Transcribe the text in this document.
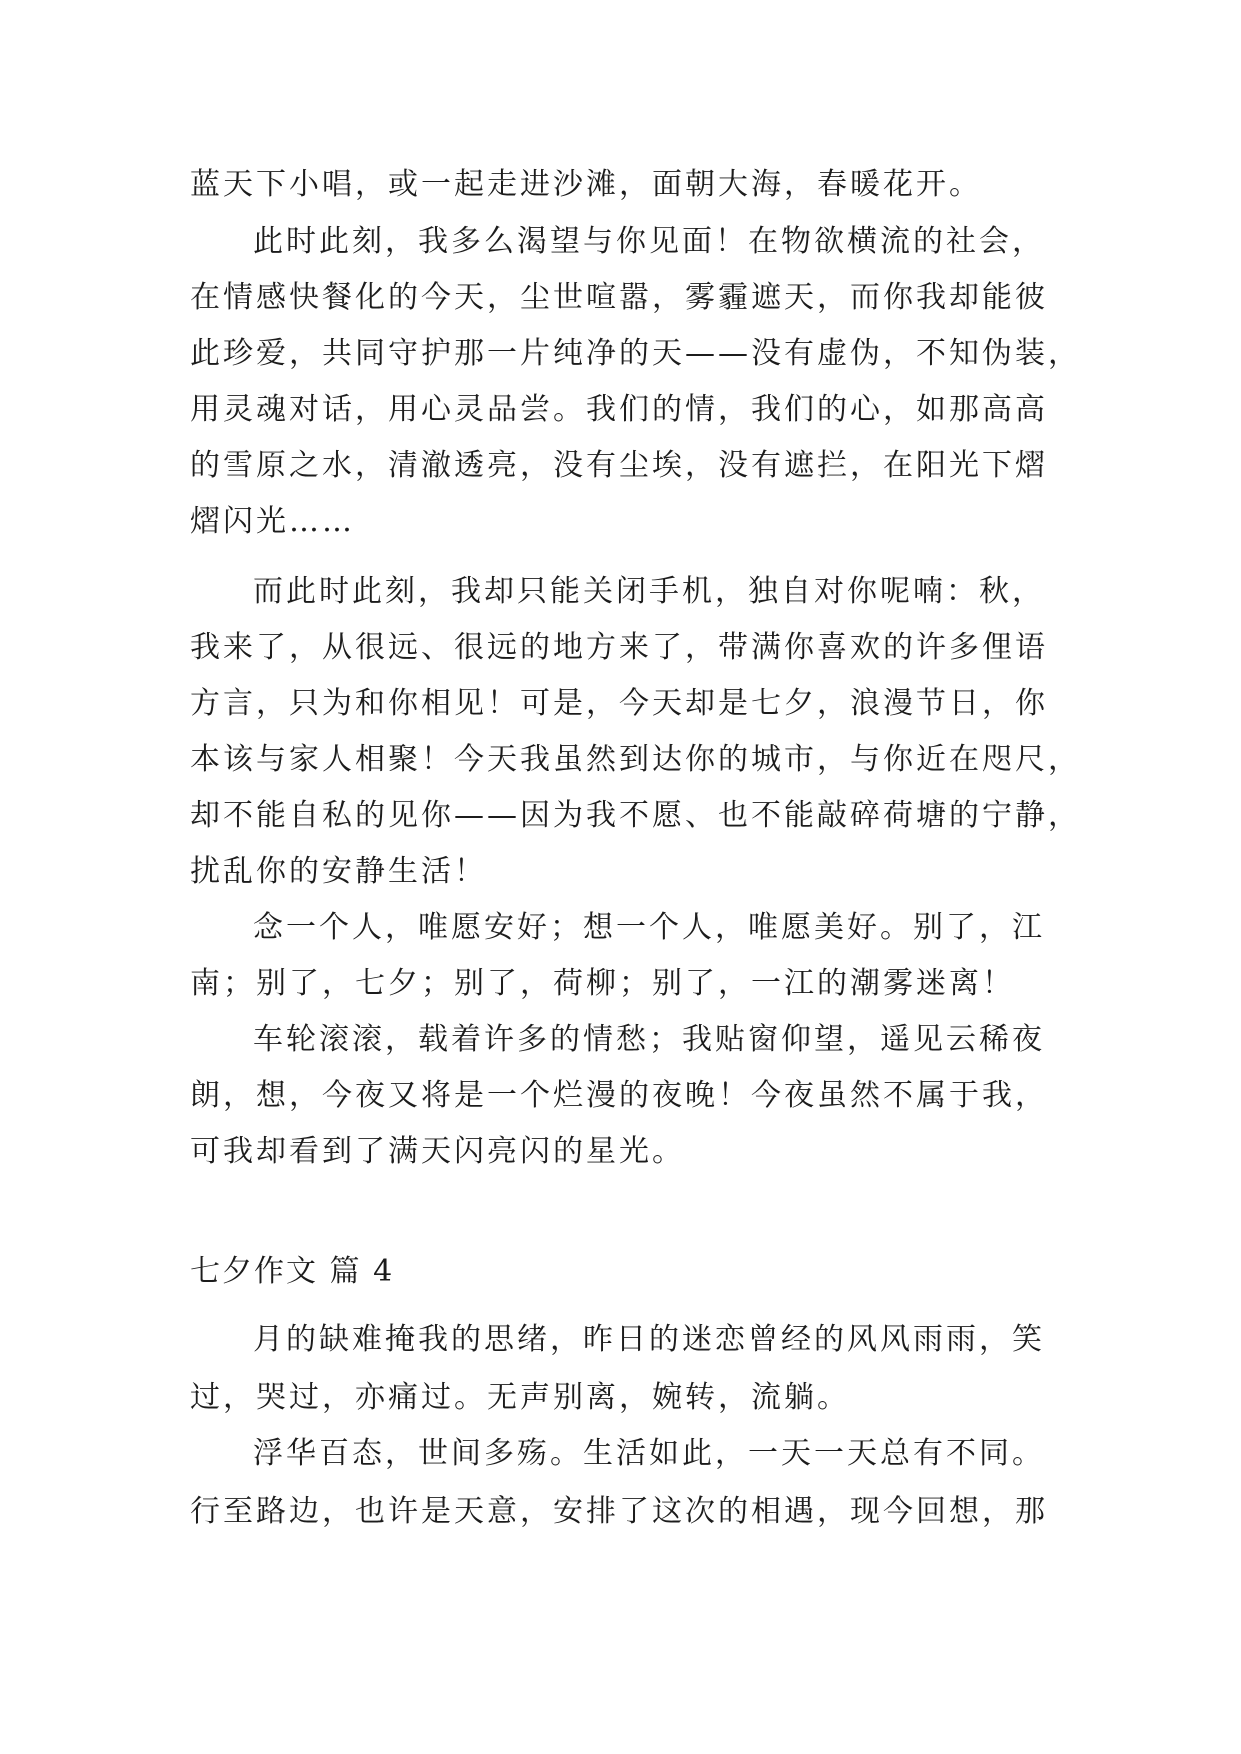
蓝天下小唱，或一起走进沙滩，面朝大海，春暖花开。
此时此刻，我多么渴望与你见面！在物欲横流的社会，
在情感快餐化的今天，尘世喧嚣，雾霾遮天，而你我却能彼
此珍爱，共同守护那一片纯净的天——没有虚伪，不知伪装，
用灵魂对话，用心灵品尝。我们的情，我们的心，如那高高
的雪原之水，清澈透亮，没有尘埃，没有遮拦，在阳光下熠
熠闪光……
而此时此刻，我却只能关闭手机，独自对你呢喃：秋，
我来了，从很远、很远的地方来了，带满你喜欢的许多俚语
方言，只为和你相见！可是，今天却是七夕，浪漫节日，你
本该与家人相聚！今天我虽然到达你的城市，与你近在咫尺，
却不能自私的见你——因为我不愿、也不能敲碎荷塘的宁静，
扰乱你的安静生活！
念一个人，唯愿安好；想一个人，唯愿美好。别了，江
南；别了，七夕；别了，荷柳；别了，一江的潮雾迷离！
车轮滚滚，载着许多的情愁；我贴窗仰望，遥见云稀夜
朗，想，今夜又将是一个烂漫的夜晚！今夜虽然不属于我，
可我却看到了满天闪亮闪的星光。
七夕作文 篇 4
月的缺难掩我的思绪，昨日的迷恋曾经的风风雨雨，笑
过，哭过，亦痛过。无声别离，婉转，流躺。
浮华百态，世间多殇。生活如此，一天一天总有不同。
行至路边，也许是天意，安排了这次的相遇，现今回想，那
